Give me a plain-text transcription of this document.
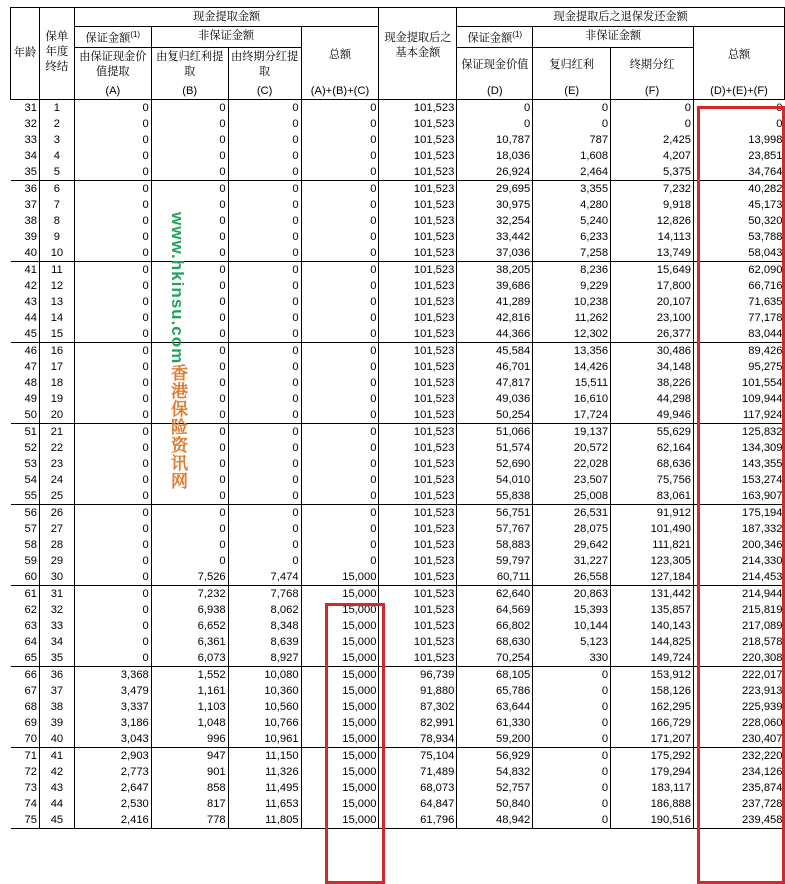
年龄	保单年度终结	现金提取金额				现金提取后之基本金额	现金提取后之退保发还金额			
		保证金额$^{(1)}$	非保证金额		总额		保证金额$^{(1)}$	非保证金额		总额
		由保证现金价值提取	由复归红利提取	由终期分红提取			保证现金价值	复归红利	终期分红	
		(A)	(B)	(C)	(A)+(B)+(C)		(D)	(E)	(F)	(D)+(E)+(F)
31	1	0	0	0	0	101,523	0	0	0	0
32	2	0	0	0	0	101,523	0	0	0	0
33	3	0	0	0	0	101,523	10,787	787	2,425	13,998
34	4	0	0	0	0	101,523	18,036	1,608	4,207	23,851
35	5	0	0	0	0	101,523	26,924	2,464	5,375	34,764
36	6	0	0	0	0	101,523	29,695	3,355	7,232	40,282
37	7	0	0	0	0	101,523	30,975	4,280	9,918	45,173
38	8	0	0	0	0	101,523	32,254	5,240	12,826	50,320
39	9	0	0	0	0	101,523	33,442	6,233	14,113	53,788
40	10	0	0	0	0	101,523	37,036	7,258	13,749	58,043
41	11	0	0	0	0	101,523	38,205	8,236	15,649	62,090
42	12	0	0	0	0	101,523	39,686	9,229	17,800	66,716
43	13	0	0	0	0	101,523	41,289	10,238	20,107	71,635
44	14	0	0	0	0	101,523	42,816	11,262	23,100	77,178
45	15	0	0	0	0	101,523	44,366	12,302	26,377	83,044
46	16	0	0	0	0	101,523	45,584	13,356	30,486	89,426
47	17	0	0	0	0	101,523	46,701	14,426	34,148	95,275
48	18	0	0	0	0	101,523	47,817	15,511	38,226	101,554
49	19	0	0	0	0	101,523	49,036	16,610	44,298	109,944
50	20	0	0	0	0	101,523	50,254	17,724	49,946	117,924
51	21	0	0	0	0	101,523	51,066	19,137	55,629	125,832
52	22	0	0	0	0	101,523	51,574	20,572	62,164	134,309
53	23	0	0	0	0	101,523	52,690	22,028	68,636	143,355
54	24	0	0	0	0	101,523	54,010	23,507	75,756	153,274
55	25	0	0	0	0	101,523	55,838	25,008	83,061	163,907
56	26	0	0	0	0	101,523	56,751	26,531	91,912	175,194
57	27	0	0	0	0	101,523	57,767	28,075	101,490	187,332
58	28	0	0	0	0	101,523	58,883	29,642	111,821	200,346
59	29	0	0	0	0	101,523	59,797	31,227	123,305	214,330
60	30	0	7,526	7,474	15,000	101,523	60,711	26,558	127,184	214,453
61	31	0	7,232	7,768	15,000	101,523	62,640	20,863	131,442	214,944
62	32	0	6,938	8,062	15,000	101,523	64,569	15,393	135,857	215,819
63	33	0	6,652	8,348	15,000	101,523	66,802	10,144	140,143	217,089
64	34	0	6,361	8,639	15,000	101,523	68,630	5,123	144,825	218,578
65	35	0	6,073	8,927	15,000	101,523	70,254	330	149,724	220,308
66	36	3,368	1,552	10,080	15,000	96,739	68,105	0	153,912	222,017
67	37	3,479	1,161	10,360	15,000	91,880	65,786	0	158,126	223,913
68	38	3,337	1,103	10,560	15,000	87,302	63,644	0	162,295	225,939
69	39	3,186	1,048	10,766	15,000	82,991	61,330	0	166,729	228,060
70	40	3,043	996	10,961	15,000	78,934	59,200	0	171,207	230,407
71	41	2,903	947	11,150	15,000	75,104	56,929	0	175,292	232,220
72	42	2,773	901	11,326	15,000	71,489	54,832	0	179,294	234,126
73	43	2,647	858	11,495	15,000	68,073	52,757	0	183,117	235,874
74	44	2,530	817	11,653	15,000	64,847	50,840	0	186,888	237,728
75	45	2,416	778	11,805	15,000	61,796	48,942	0	190,516	239,458
www.hkinsu.com香港保险资讯网
